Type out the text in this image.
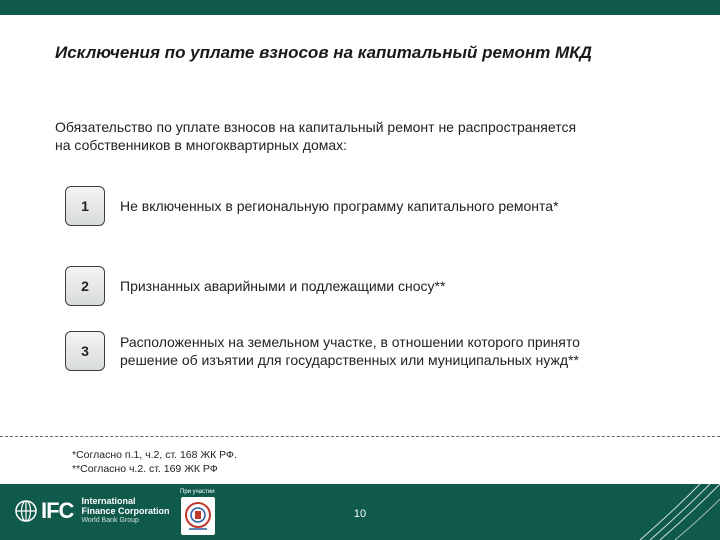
Исключения по уплате взносов на капитальный ремонт МКД
Обязательство по уплате взносов на капитальный ремонт не распространяется
на собственников в многоквартирных домах:
1	Не включенных в региональную программу капитального ремонта*
2	Признанных аварийными и подлежащими сносу**
3
Расположенных на земельном участке, в отношении которого принято
решение об изъятии для государственных или муниципальных нужд**
*Согласно п.1, ч.2, ст. 168 ЖК РФ.
**Согласно ч.2. ст. 169 ЖК РФ
IFC International
Finance Corporation
World Bank Group
При участии
10
